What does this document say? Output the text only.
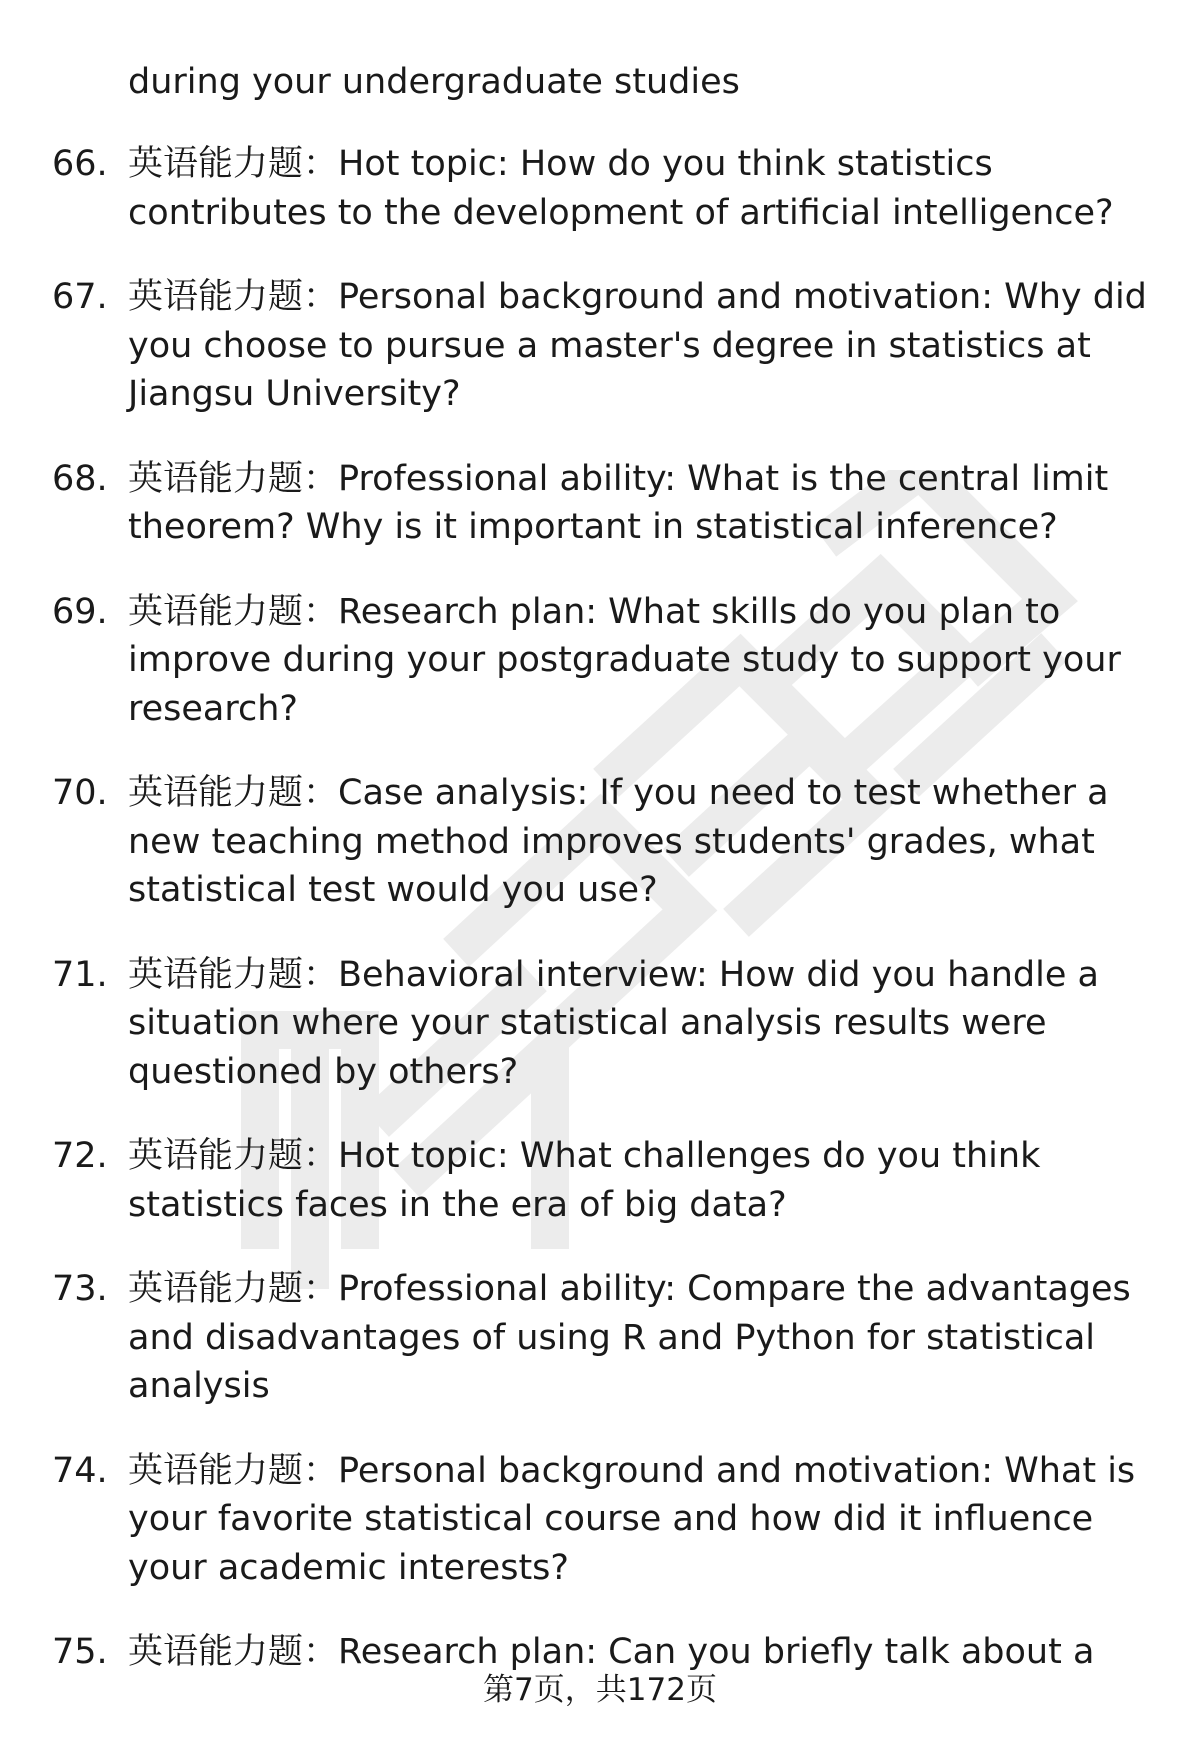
during your undergraduate studies
66. 英语能力题：Hot topic: How do you think statistics contributes to the development of artificial intelligence?
67. 英语能力题：Personal background and motivation: Why did you choose to pursue a master's degree in statistics at Jiangsu University?
68. 英语能力题：Professional ability: What is the central limit theorem? Why is it important in statistical inference?
69. 英语能力题：Research plan: What skills do you plan to improve during your postgraduate study to support your research?
70. 英语能力题：Case analysis: If you need to test whether a new teaching method improves students' grades, what statistical test would you use?
71. 英语能力题：Behavioral interview: How did you handle a situation where your statistical analysis results were questioned by others?
72. 英语能力题：Hot topic: What challenges do you think statistics faces in the era of big data?
73. 英语能力题：Professional ability: Compare the advantages and disadvantages of using R and Python for statistical analysis
74. 英语能力题：Personal background and motivation: What is your favorite statistical course and how did it influence your academic interests?
75. 英语能力题：Research plan: Can you briefly talk about a
第7页，共172页
